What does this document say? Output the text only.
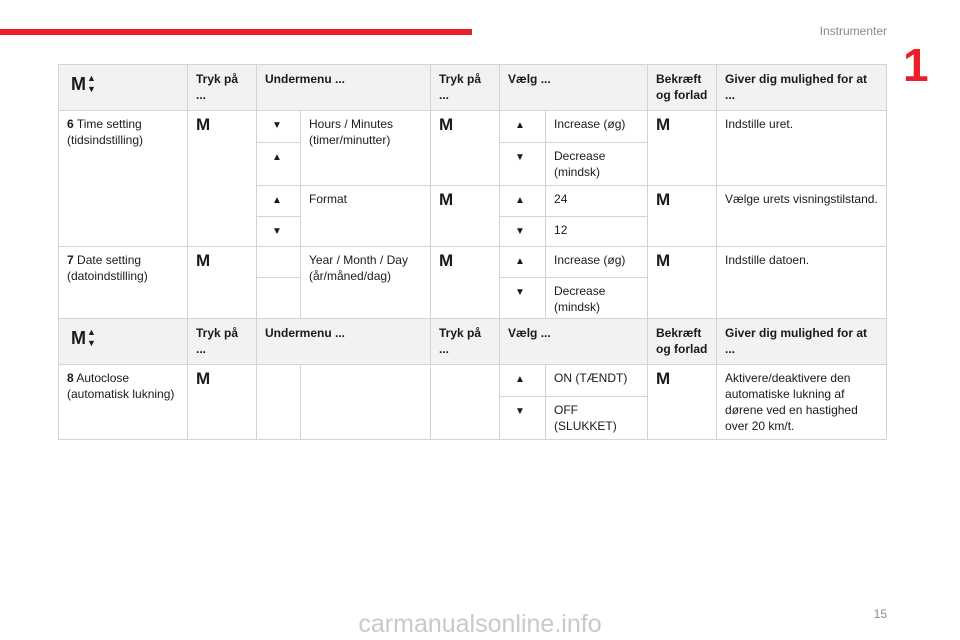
Instrumenter
1
M ▲
▼	Tryk på ...	Undermenu ...		Tryk på ...	Vælg ...		Bekræft og forlad	Giver dig mulighed for at ...
6 Time setting (tidsindstilling)	M	▼	Hours / Minutes (timer/minutter)	M	▲	Increase (øg)	M	Indstille uret.
		▲			▼	Decrease (mindsk)		
		▲	Format	M	▲	24	M	Vælge urets visningstilstand.
		▼			▼	12		
7 Date setting (datoindstilling)	M		Year / Month / Day (år/måned/dag)	M	▲	Increase (øg)	M	Indstille datoen.
					▼	Decrease (mindsk)		
M ▲
▼	Tryk på ...	Undermenu ...		Tryk på ...	Vælg ...		Bekræft og forlad	Giver dig mulighed for at ...
8 Autoclose (automatisk lukning)	M				▲	ON (TÆNDT)	M	Aktivere/deaktivere den automatiske lukning af dørene ved en hastighed over 20 km/t.
					▼	OFF (SLUKKET)		
15
carmanualsonline.info
